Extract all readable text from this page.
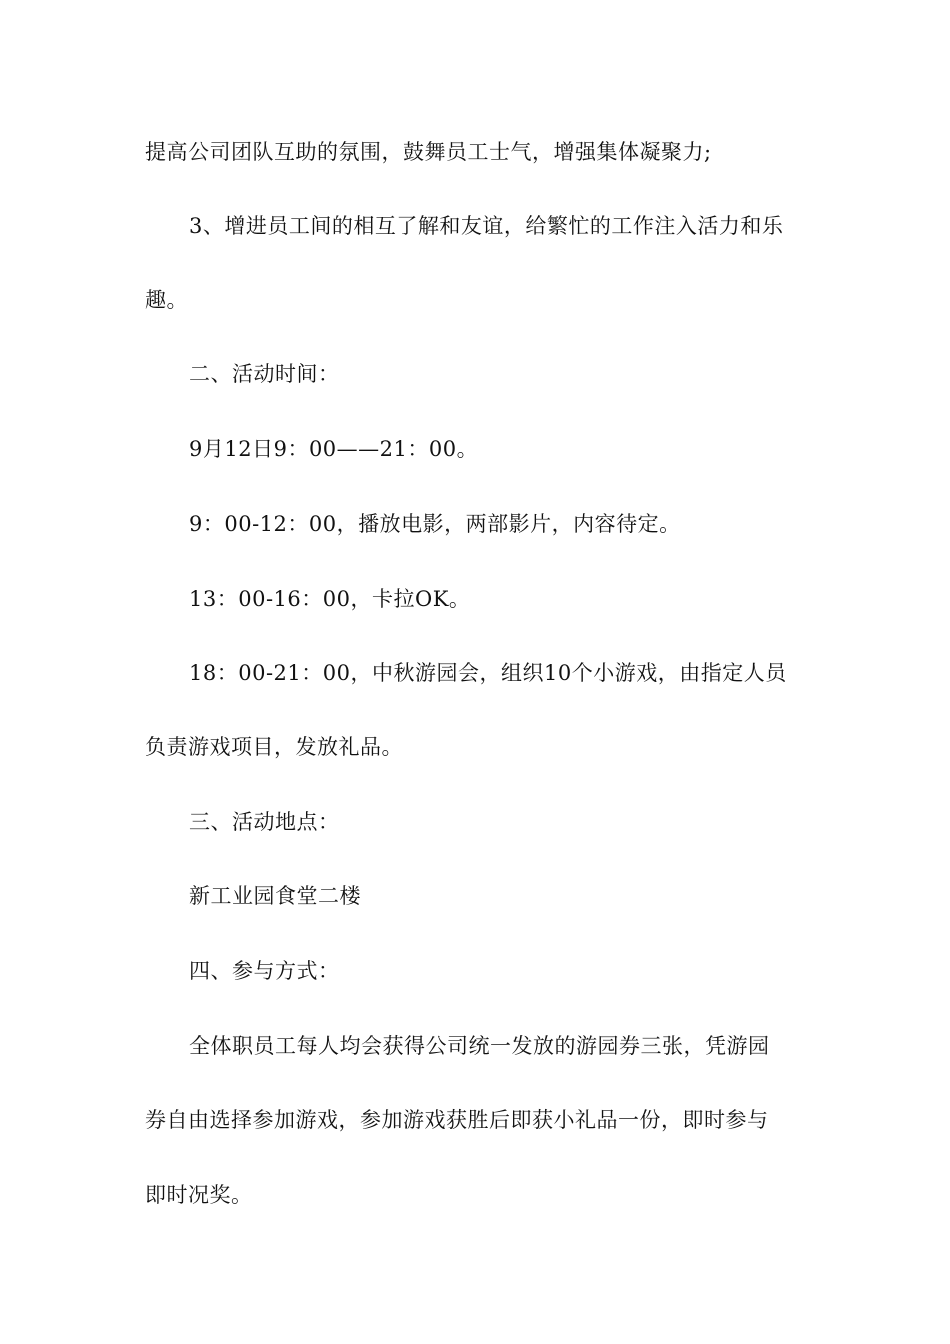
提高公司团队互助的氛围，鼓舞员工士气，增强集体凝聚力;
3、增进员工间的相互了解和友谊，给繁忙的工作注入活力和乐
趣。
二、活动时间：
9月12日9：00——21：00。
9：00-12：00，播放电影，两部影片，内容待定。
13：00-16：00，卡拉OK。
18：00-21：00，中秋游园会，组织10个小游戏，由指定人员
负责游戏项目，发放礼品。
三、活动地点：
新工业园食堂二楼
四、参与方式：
全体职员工每人均会获得公司统一发放的游园券三张，凭游园
券自由选择参加游戏，参加游戏获胜后即获小礼品一份，即时参与
即时况奖。
